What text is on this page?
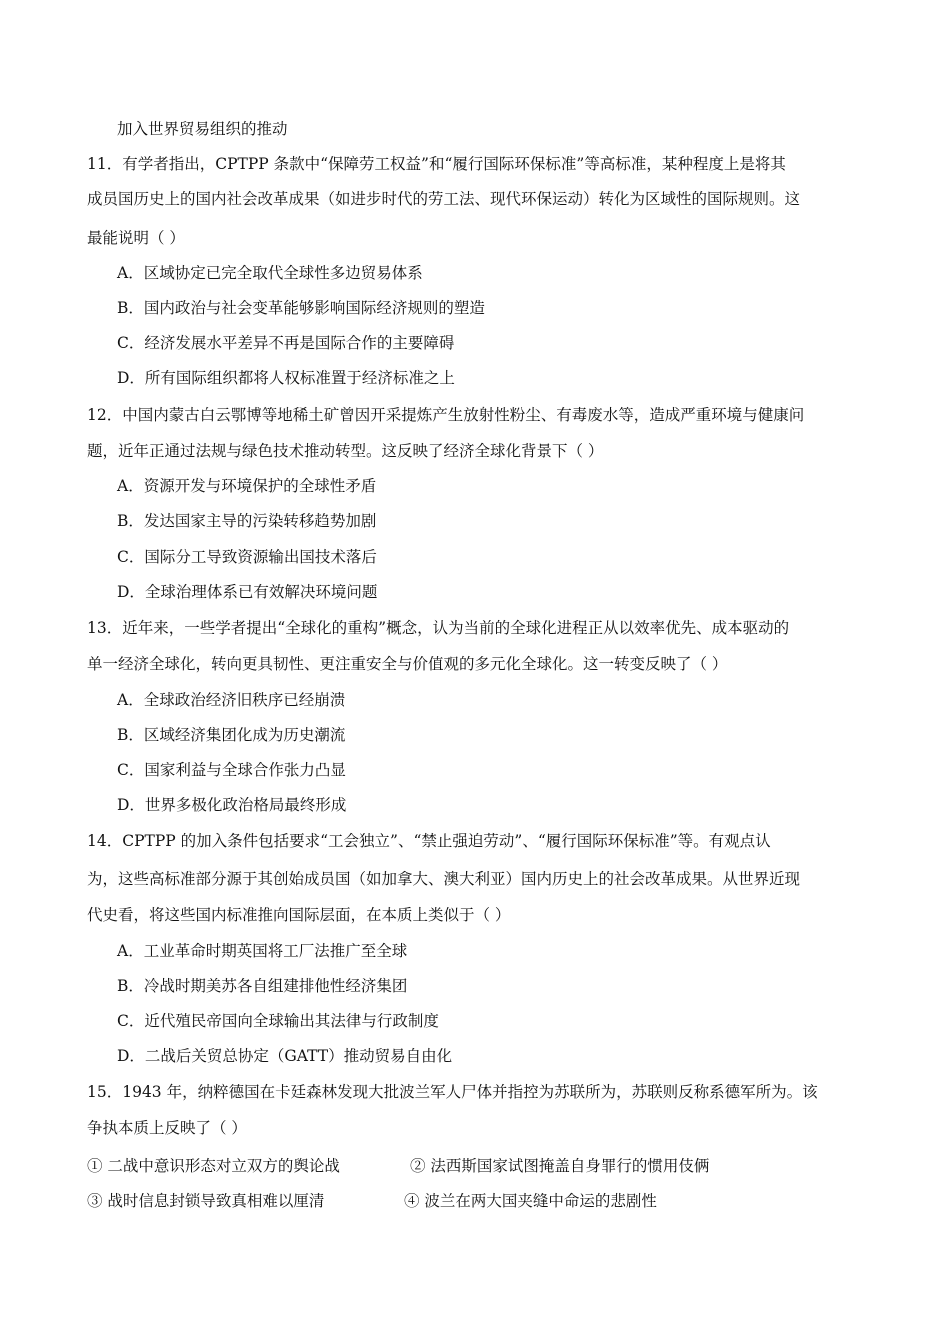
加入世界贸易组织的推动
11．有学者指出，CPTPP 条款中“保障劳工权益”和“履行国际环保标准”等高标准，某种程度上是将其
成员国历史上的国内社会改革成果（如进步时代的劳工法、现代环保运动）转化为区域性的国际规则。这
最能说明（ ）
A．区域协定已完全取代全球性多边贸易体系
B．国内政治与社会变革能够影响国际经济规则的塑造
C．经济发展水平差异不再是国际合作的主要障碍
D．所有国际组织都将人权标准置于经济标准之上
12．中国内蒙古白云鄂博等地稀土矿曾因开采提炼产生放射性粉尘、有毒废水等，造成严重环境与健康问
题，近年正通过法规与绿色技术推动转型。这反映了经济全球化背景下（ ）
A．资源开发与环境保护的全球性矛盾
B．发达国家主导的污染转移趋势加剧
C．国际分工导致资源输出国技术落后
D．全球治理体系已有效解决环境问题
13．近年来，一些学者提出“全球化的重构”概念，认为当前的全球化进程正从以效率优先、成本驱动的
单一经济全球化，转向更具韧性、更注重安全与价值观的多元化全球化。这一转变反映了（ ）
A．全球政治经济旧秩序已经崩溃
B．区域经济集团化成为历史潮流
C．国家利益与全球合作张力凸显
D．世界多极化政治格局最终形成
14．CPTPP 的加入条件包括要求“工会独立”、“禁止强迫劳动”、“履行国际环保标准”等。有观点认
为，这些高标准部分源于其创始成员国（如加拿大、澳大利亚）国内历史上的社会改革成果。从世界近现
代史看，将这些国内标准推向国际层面，在本质上类似于（ ）
A．工业革命时期英国将工厂法推广至全球
B．冷战时期美苏各自组建排他性经济集团
C．近代殖民帝国向全球输出其法律与行政制度
D．二战后关贸总协定（GATT）推动贸易自由化
15．1943 年，纳粹德国在卡廷森林发现大批波兰军人尸体并指控为苏联所为，苏联则反称系德军所为。该
争执本质上反映了（ ）
① 二战中意识形态对立双方的舆论战	② 法西斯国家试图掩盖自身罪行的惯用伎俩
③ 战时信息封锁导致真相难以厘清	④ 波兰在两大国夹缝中命运的悲剧性
